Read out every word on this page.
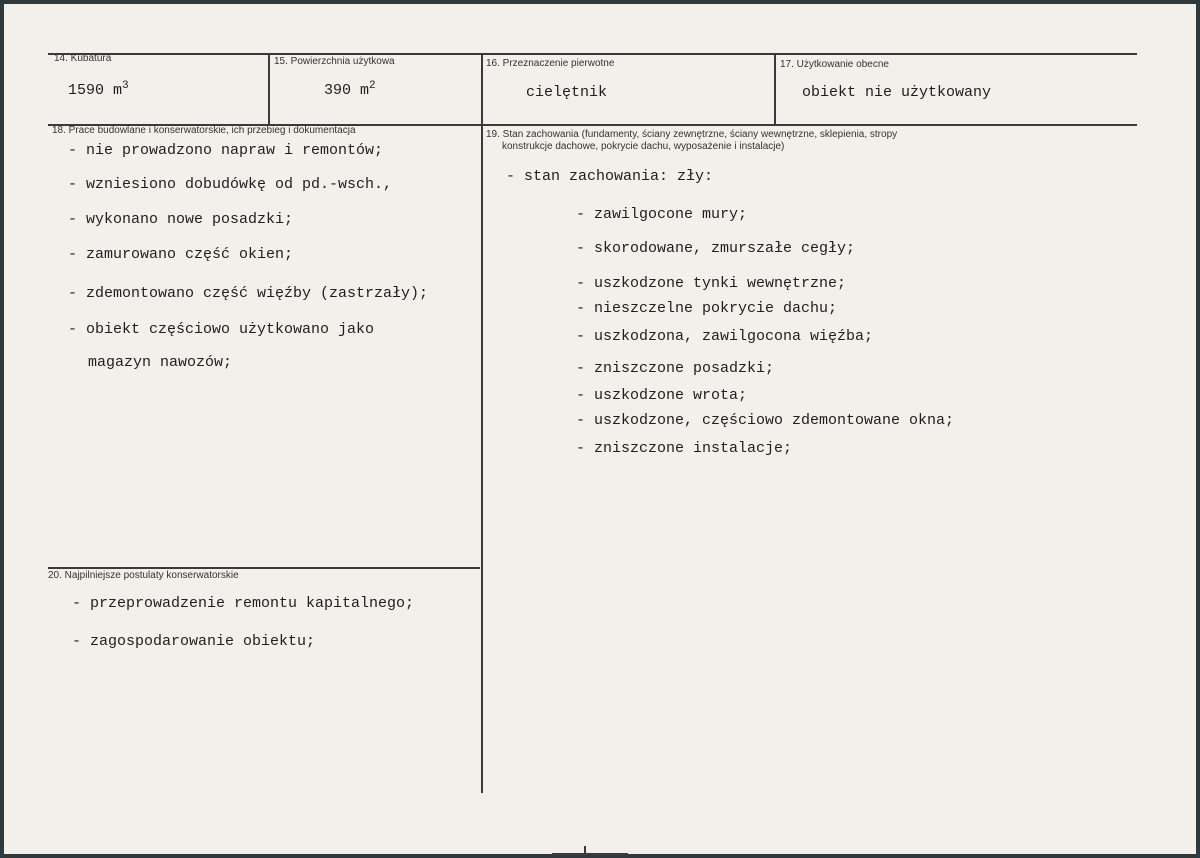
14. Kubatura
1590 $m^3$
15. Powierzchnia użytkowa
390 $m^2$
16. Przeznaczenie pierwotne
cielętnik
17. Użytkowanie obecne
obiekt nie użytkowany
18. Prace budowlane i konserwatorskie, ich przebieg i dokumentacja
- nie prowadzono napraw i remontów;
- wzniesiono dobudówkę od pd.-wsch.,
- wykonano nowe posadzki;
- zamurowano część okien;
- zdemontowano część więźby (zastrzały);
- obiekt częściowo użytkowano jako
magazyn nawozów;
19. Stan zachowania (fundamenty, ściany zewnętrzne, ściany wewnętrzne, sklepienia, stropy
konstrukcje dachowe, pokrycie dachu, wyposażenie i instalacje)
- stan zachowania: zły:
- zawilgocone mury;
- skorodowane, zmurszałe cegły;
- uszkodzone tynki wewnętrzne;
- nieszczelne pokrycie dachu;
- uszkodzona, zawilgocona więźba;
- zniszczone posadzki;
- uszkodzone wrota;
- uszkodzone, częściowo zdemontowane okna;
- zniszczone instalacje;
20. Najpilniejsze postulaty konserwatorskie
- przeprowadzenie remontu kapitalnego;
- zagospodarowanie obiektu;
